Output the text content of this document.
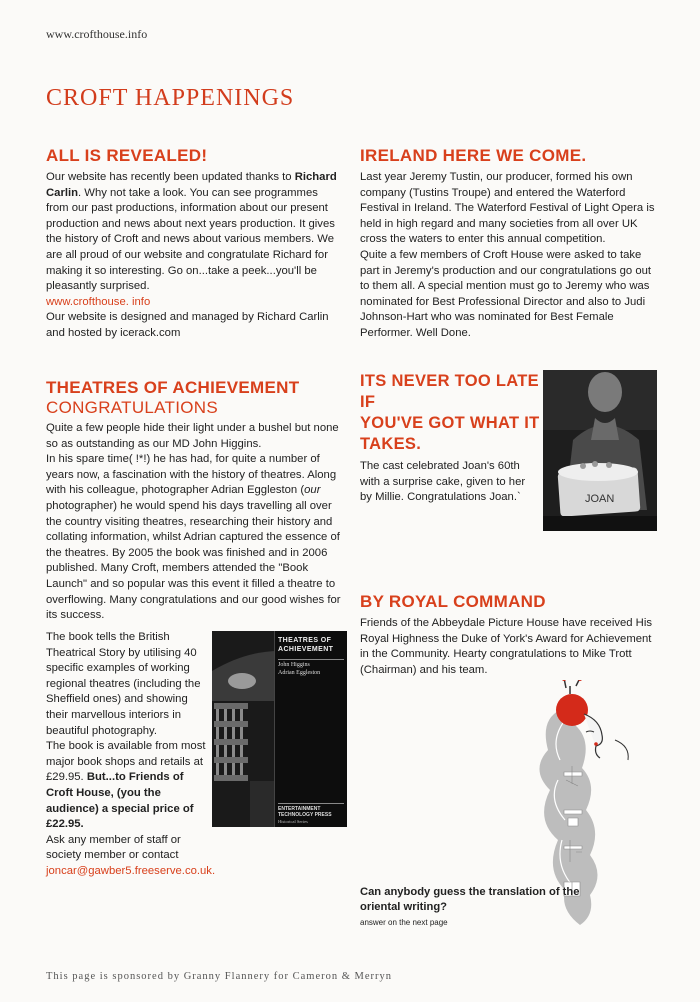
www.crofthouse.info
CROFT HAPPENINGS
ALL IS REVEALED!
Our website has recently been updated thanks to Richard Carlin. Why not take a look. You can see programmes from our past productions, information about our present production and news about next years production. It gives the history of Croft and news about various members. We are all proud of our website and congratulate Richard for making it so interesting. Go on...take a peek...you'll be pleasantly surprised.
www.crofthouse. info
Our website is designed and managed by Richard Carlin and hosted by icerack.com
IRELAND HERE WE COME.
Last year Jeremy Tustin, our producer, formed his own company (Tustins Troupe) and entered the Waterford Festival in Ireland. The Waterford Festival of Light Opera is held in high regard and many societies from all over UK cross the waters to enter this annual competition.
Quite a few members of Croft House were asked to take part in Jeremy's production and our congratulations go out to them all. A special mention must go to Jeremy who was nominated for Best Professional Director and also to Judi Johnson-Hart who was nominated for Best Female Performer. Well Done.
THEATRES OF ACHIEVEMENT
CONGRATULATIONS
Quite a few people hide their light under a bushel but none so as outstanding as our MD John Higgins.
In his spare time( !*!) he has had, for quite a number of years now, a fascination with the history of theatres. Along with his colleague, photographer Adrian Eggleston (our photographer) he would spend his days travelling all over the country visiting theatres, researching their history and collating information, whilst Adrian captured the essence of the theatres. By 2005 the book was finished and in 2006 published. Many Croft, members attended the "Book Launch" and so popular was this event it filled a theatre to overflowing. Many congratulations and our good wishes for its success.
The book tells the British Theatrical Story by utilising 40 specific examples of working regional theatres (including the Sheffield ones) and showing their marvellous interiors in beautiful photography.
The book is available from most major book shops and retails at £29.95. But...to Friends of Croft House, (you the audience) a special price of £22.95.
Ask any member of staff or society member or contact
joncar@gawber5.freeserve.co.uk.
THEATRES OF ACHIEVEMENT
John Higgins
Adrian Eggleston
ENTERTAINMENT
TECHNOLOGY PRESS
Historical Series
ITS NEVER TOO LATE IF
YOU'VE GOT WHAT IT
TAKES.
The cast celebrated Joan's 60th with a surprise cake, given to her by Millie. Congratulations Joan.`	JOAN
BY ROYAL COMMAND
Friends of the Abbeydale Picture House have received His Royal Highness the Duke of York's Award for Achievement in the Community. Hearty congratulations to Mike Trott (Chairman) and his team.
Can anybody guess the translation of the oriental writing?
answer on the next page
This page is sponsored by Granny Flannery for Cameron & Merryn
